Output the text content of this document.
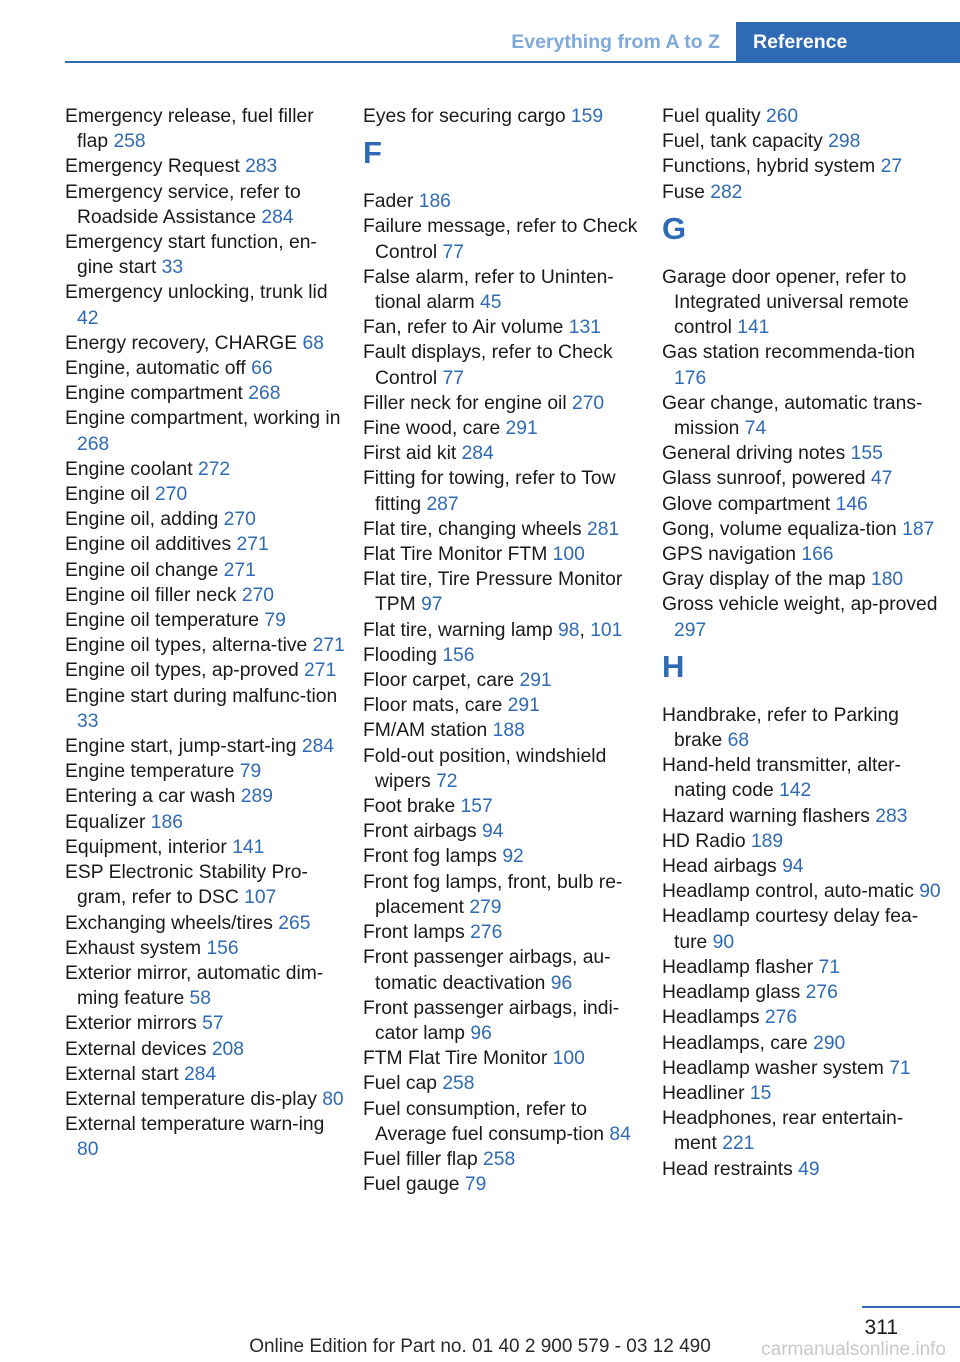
Everything from A to Z	Reference
Emergency release, fuel filler flap 258
Emergency Request 283
Emergency service, refer to Roadside Assistance 284
Emergency start function, en-gine start 33
Emergency unlocking, trunk lid 42
Energy recovery, CHARGE 68
Engine, automatic off 66
Engine compartment 268
Engine compartment, working in 268
Engine coolant 272
Engine oil 270
Engine oil, adding 270
Engine oil additives 271
Engine oil change 271
Engine oil filler neck 270
Engine oil temperature 79
Engine oil types, alterna-tive 271
Engine oil types, ap-proved 271
Engine start during malfunc-tion 33
Engine start, jump-start-ing 284
Engine temperature 79
Entering a car wash 289
Equalizer 186
Equipment, interior 141
ESP Electronic Stability Pro-gram, refer to DSC 107
Exchanging wheels/tires 265
Exhaust system 156
Exterior mirror, automatic dim-ming feature 58
Exterior mirrors 57
External devices 208
External start 284
External temperature dis-play 80
External temperature warn-ing 80
Eyes for securing cargo 159
F
Fader 186
Failure message, refer to Check Control 77
False alarm, refer to Uninten-tional alarm 45
Fan, refer to Air volume 131
Fault displays, refer to Check Control 77
Filler neck for engine oil 270
Fine wood, care 291
First aid kit 284
Fitting for towing, refer to Tow fitting 287
Flat tire, changing wheels 281
Flat Tire Monitor FTM 100
Flat tire, Tire Pressure Monitor TPM 97
Flat tire, warning lamp 98, 101
Flooding 156
Floor carpet, care 291
Floor mats, care 291
FM/AM station 188
Fold-out position, windshield wipers 72
Foot brake 157
Front airbags 94
Front fog lamps 92
Front fog lamps, front, bulb re-placement 279
Front lamps 276
Front passenger airbags, au-tomatic deactivation 96
Front passenger airbags, indi-cator lamp 96
FTM Flat Tire Monitor 100
Fuel cap 258
Fuel consumption, refer to Average fuel consump-tion 84
Fuel filler flap 258
Fuel gauge 79
Fuel quality 260
Fuel, tank capacity 298
Functions, hybrid system 27
Fuse 282
G
Garage door opener, refer to Integrated universal remote control 141
Gas station recommenda-tion 176
Gear change, automatic trans-mission 74
General driving notes 155
Glass sunroof, powered 47
Glove compartment 146
Gong, volume equaliza-tion 187
GPS navigation 166
Gray display of the map 180
Gross vehicle weight, ap-proved 297
H
Handbrake, refer to Parking brake 68
Hand-held transmitter, alter-nating code 142
Hazard warning flashers 283
HD Radio 189
Head airbags 94
Headlamp control, auto-matic 90
Headlamp courtesy delay fea-ture 90
Headlamp flasher 71
Headlamp glass 276
Headlamps 276
Headlamps, care 290
Headlamp washer system 71
Headliner 15
Headphones, rear entertain-ment 221
Head restraints 49
311
Online Edition for Part no. 01 40 2 900 579 - 03 12 490	carmanualsonline.info
